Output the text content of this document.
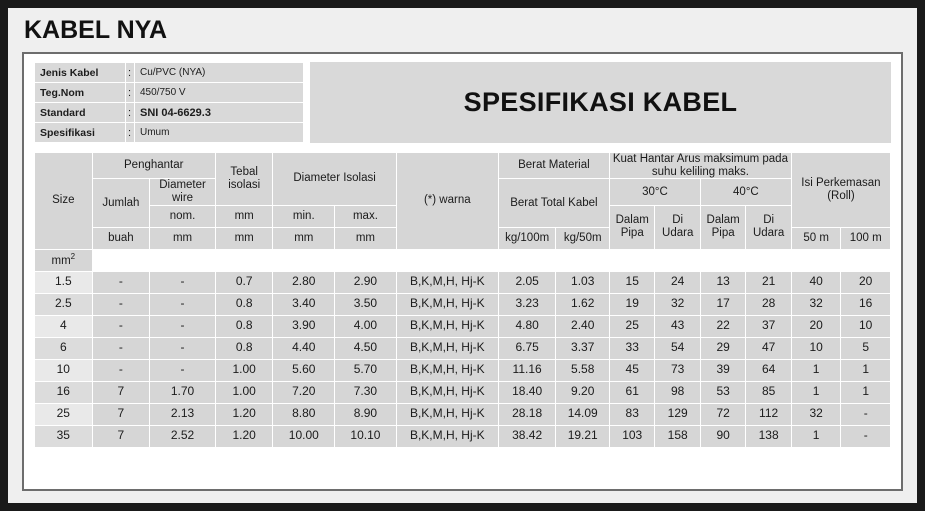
KABEL NYA
Jenis Kabel	:	Cu/PVC (NYA)
Teg.Nom	:	450/750 V
Standard	:	SNI 04-6629.3
Spesifikasi	:	Umum
SPESIFIKASI KABEL
Size	Penghantar		Tebal isolasi	Diameter Isolasi		(*) warna	Berat Material		Kuat Hantar Arus maksimum pada suhu keliling maks.				Isi Perkemasan (Roll)	
	Jumlah	Diameter wire					Berat Total Kabel		30°C		40°C			
		nom.	mm	min.	max.				Dalam Pipa	Di Udara	Dalam Pipa	Di Udara		
	buah	mm	mm	mm	mm		kg/100m	kg/50m					50 m	100 m
$mm^2$
1.5	-	-	0.7	2.80	2.90	B,K,M,H, Hj-K	2.05	1.03	15	24	13	21	40	20
2.5	-	-	0.8	3.40	3.50	B,K,M,H, Hj-K	3.23	1.62	19	32	17	28	32	16
4	-	-	0.8	3.90	4.00	B,K,M,H, Hj-K	4.80	2.40	25	43	22	37	20	10
6	-	-	0.8	4.40	4.50	B,K,M,H, Hj-K	6.75	3.37	33	54	29	47	10	5
10	-	-	1.00	5.60	5.70	B,K,M,H, Hj-K	11.16	5.58	45	73	39	64	1	1
16	7	1.70	1.00	7.20	7.30	B,K,M,H, Hj-K	18.40	9.20	61	98	53	85	1	1
25	7	2.13	1.20	8.80	8.90	B,K,M,H, Hj-K	28.18	14.09	83	129	72	112	32	-
35	7	2.52	1.20	10.00	10.10	B,K,M,H, Hj-K	38.42	19.21	103	158	90	138	1	-
